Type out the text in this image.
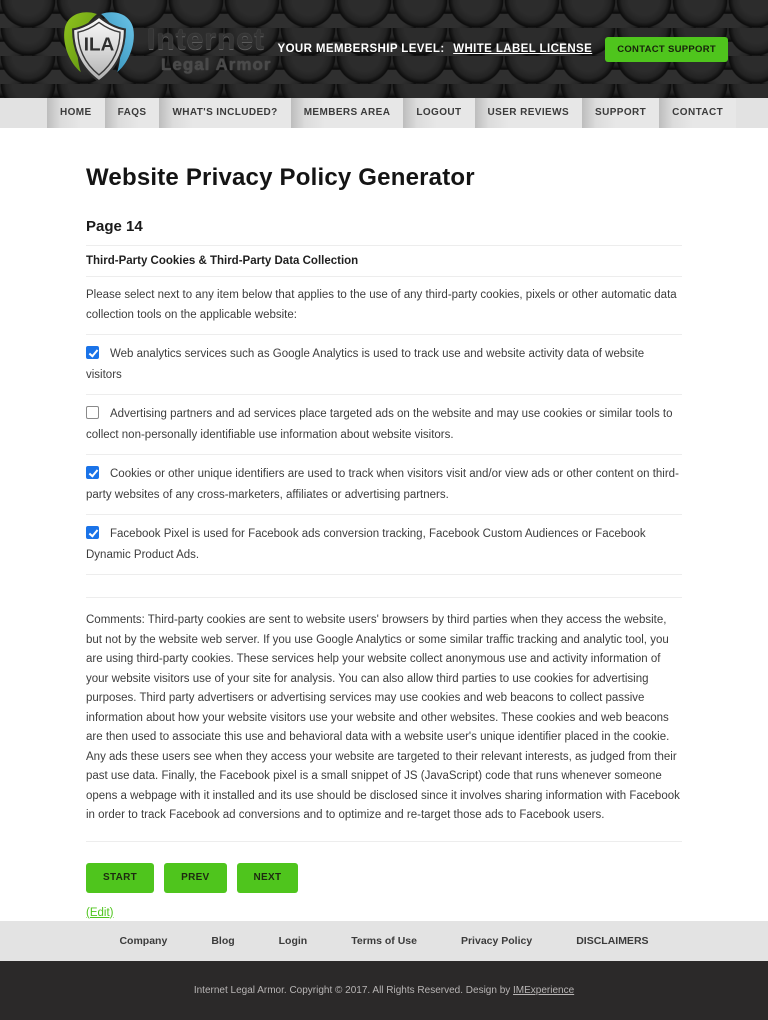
ILA Internet
Legal Armor
YOUR MEMBERSHIP LEVEL: WHITE LABEL LICENSE	CONTACT SUPPORT
HOME	FAQS	WHAT'S INCLUDED?	MEMBERS AREA	LOGOUT	USER REVIEWS	SUPPORT	CONTACT
Website Privacy Policy Generator
Page 14
Third-Party Cookies & Third-Party Data Collection
Please select next to any item below that applies to the use of any third-party cookies, pixels or other automatic data collection tools on the applicable website:
Web analytics services such as Google Analytics is used to track use and website activity data of website visitors
Advertising partners and ad services place targeted ads on the website and may use cookies or similar tools to collect non-personally identifiable use information about website visitors.
Cookies or other unique identifiers are used to track when visitors visit and/or view ads or other content on third-party websites of any cross-marketers, affiliates or advertising partners.
Facebook Pixel is used for Facebook ads conversion tracking, Facebook Custom Audiences or Facebook Dynamic Product Ads.
Comments: Third-party cookies are sent to website users' browsers by third parties when they access the website, but not by the website web server. If you use Google Analytics or some similar traffic tracking and analytic tool, you are using third-party cookies. These services help your website collect anonymous use and activity information of your website visitors use of your site for analysis. You can also allow third parties to use cookies for advertising purposes. Third party advertisers or advertising services may use cookies and web beacons to collect passive information about how your website visitors use your website and other websites. These cookies and web beacons are then used to associate this use and behavioral data with a website user's unique identifier placed in the cookie. Any ads these users see when they access your website are targeted to their relevant interests, as judged from their past use data. Finally, the Facebook pixel is a small snippet of JS (JavaScript) code that runs whenever someone opens a webpage with it installed and its use should be disclosed since it involves sharing information with Facebook in order to track Facebook ad conversions and to optimize and re-target those ads to Facebook users.
START	PREV	NEXT
(Edit)
Company	Blog	Login	Terms of Use	Privacy Policy	DISCLAIMERS
Internet Legal Armor. Copyright © 2017. All Rights Reserved. Design by IMExperience
